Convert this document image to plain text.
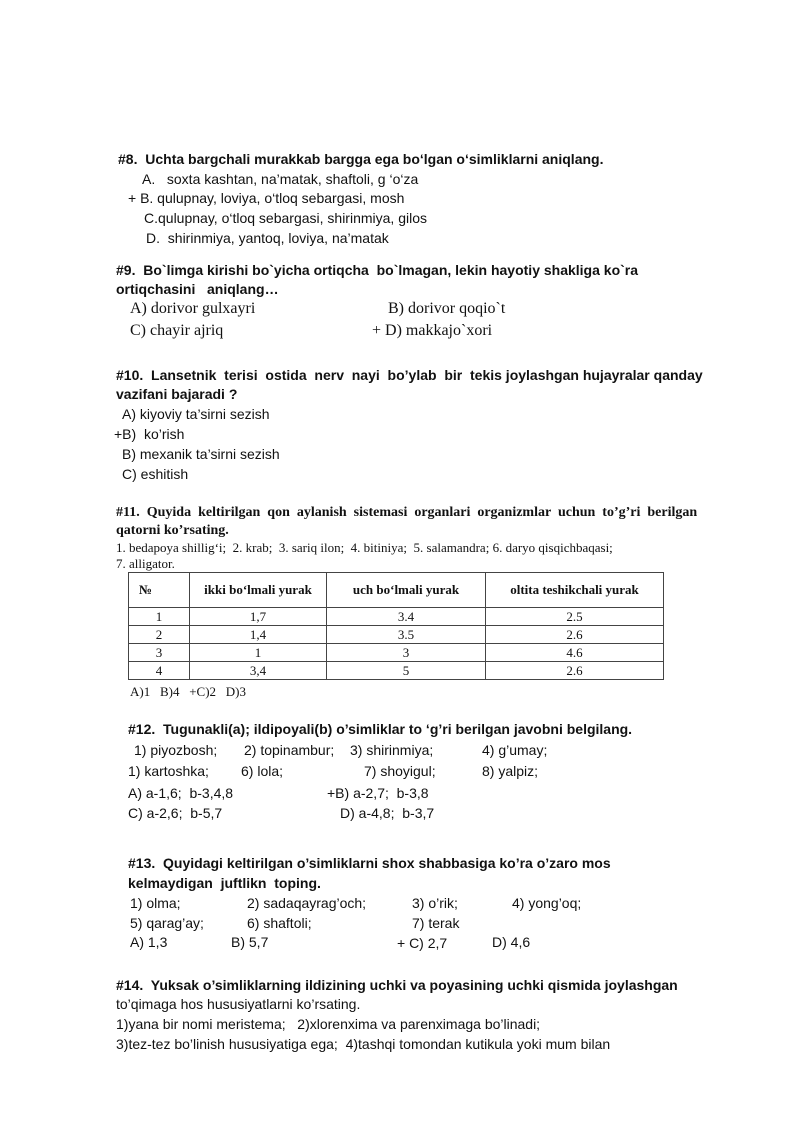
#8.  Uchta bargchali murakkab bargga ega bo‘lgan o‘simliklarni aniqlang.
A.   soxta kashtan, na’matak, shaftoli, g ‘o‘za
+ B. qulupnay, loviya, o‘tloq sebargasi, mosh
C.qulupnay, o‘tloq sebargasi, shirinmiya, gilos
D.  shirinmiya, yantoq, loviya, na’matak
#9.  Bo`limga kirishi bo`yicha ortiqcha  bo`lmagan, lekin hayotiy shakliga ko`ra
ortiqchasini   aniqlang…
A) dorivor gulxayri	B) dorivor qoqio`t
C) chayir ajriq	+ D) makkajo`xori
#10.  Lansetnik  terisi  ostida  nerv  nayi  bo’ylab  bir  tekis joylashgan hujayralar qanday
vazifani bajaradi ?
A) kiyoviy ta’sirni sezish
+B)  ko’rish
B) mexanik ta’sirni sezish
C) eshitish
#11.  Quyida  keltirilgan  qon  aylanish  sistemasi  organlari  organizmlar  uchun  to’g’ri  berilgan
qatorni ko’rsating.
1. bedapoya shillig‘i;  2. krab;  3. sariq ilon;  4. bitiniya;  5. salamandra; 6. daryo qisqichbaqasi;
7. alligator.
№	ikki bo‘lmali yurak	uch bo‘lmali yurak	oltita teshikchali yurak
1	1,7	3.4	2.5
2	1,4	3.5	2.6
3	1	3	4.6
4	3,4	5	2.6
A)1   B)4   +C)2   D)3
#12.  Tugunakli(a); ildipoyali(b) o’simliklar to ‘g’ri berilgan javobni belgilang.
1) piyozbosh; 2) topinambur; 3) shirinmiya;	4) g’umay;
1) kartoshka; 6) lola;	7) shoyigul;	8) yalpiz;
A) a-1,6;  b-3,4,8	+B) a-2,7;  b-3,8
C) a-2,6;  b-5,7	D) a-4,8;  b-3,7
#13.  Quyidagi keltirilgan o’simliklarni shox shabbasiga ko’ra o’zaro mos
kelmaydigan  juftlikn  toping.
1) olma;	2) sadaqayrag’och;	3) o’rik;	4) yong’oq;
5) qarag’ay;	6) shaftoli;	7) terak
A) 1,3	B) 5,7	+ C) 2,7	D) 4,6
#14.  Yuksak o’simliklarning ildizining uchki va poyasining uchki qismida joylashgan
to’qimaga hos hususiyatlarni ko’rsating.
1)yana bir nomi meristema;   2)xlorenxima va parenximaga bo’linadi;
3)tez-tez bo’linish hususiyatiga ega;  4)tashqi tomondan kutikula yoki mum bilan
